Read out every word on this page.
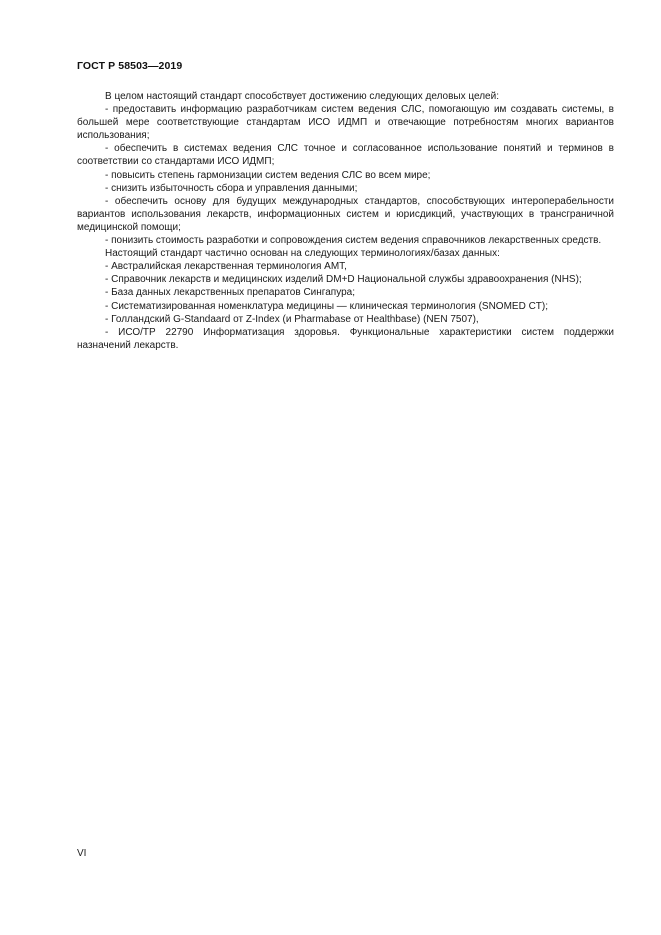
ГОСТ Р 58503—2019

В целом настоящий стандарт способствует достижению следующих деловых целей:

- предоставить информацию разработчикам систем ведения СЛС, помогающую им создавать системы, в большей мере соответствующие стандартам ИСО ИДМП и отвечающие потребностям многих вариантов использования;

- обеспечить в системах ведения СЛС точное и согласованное использование понятий и терминов в соответствии со стандартами ИСО ИДМП;

- повысить степень гармонизации систем ведения СЛС во всем мире;

- снизить избыточность сбора и управления данными;

- обеспечить основу для будущих международных стандартов, способствующих интероперабельности вариантов использования лекарств, информационных систем и юрисдикций, участвующих в трансграничной медицинской помощи;

- понизить стоимость разработки и сопровождения систем ведения справочников лекарственных средств.

Настоящий стандарт частично основан на следующих терминологиях/базах данных:

- Австралийская лекарственная терминология АМТ,

- Справочник лекарств и медицинских изделий DM+D Национальной службы здравоохранения (NHS);

- База данных лекарственных препаратов Сингапура;

- Систематизированная номенклатура медицины — клиническая терминология (SNOMED CT);

- Голландский G-Standaard от Z-Index (и Pharmabase от Healthbase) (NEN 7507),

- ИСО/ТР 22790 Информатизация здоровья. Функциональные характеристики систем поддержки назначений лекарств.

VI
